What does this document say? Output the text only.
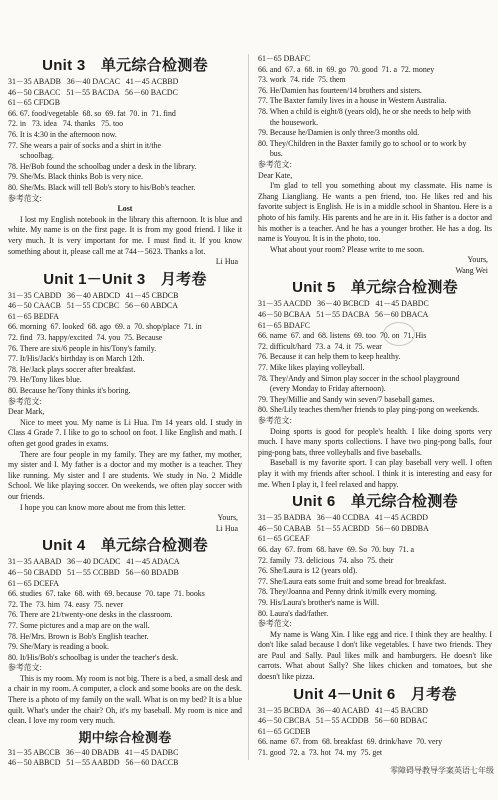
Unit 3　单元综合检测卷
31－35 ABADB   36－40 DACAC   41－45 ACBBD
46－50 CBACC   51－55 BACDA   56－60 BACDC
61－65 CFDGB
66. 67. food/vegetable  68. so  69. fat  70. in  71. find
72. in   73. idea   74. thanks   75. too
76. It is 4:30 in the afternoon now.
77. She wears a pair of socks and a shirt in it/the
schoolbag.
78. He/Bob found the schoolbag under a desk in the library.
79. She/Ms. Black thinks Bob is very nice.
80. She/Ms. Black will tell Bob's story to his/Bob's teacher.
参考范文:
Lost
I lost my English notebook in the library this afternoon. It is blue and white. My name is on the first page. It is from my good friend. I like it very much. It is very important for me. I must find it. If you know something about it, please call me at 744－5623. Thanks a lot.
Li Hua
Unit 1－Unit 3　月考卷
31－35 CABDD   36－40 ABDCD   41－45 CBDCB
46－50 CAACB   51－55 CDCBC   56－60 ABDCA
61－65 BEDFA
66. morning  67. looked  68. ago  69. a  70. shop/place  71. in
72. find  73. happy/excited  74. you  75. Because
76. There are six/6 people in his/Tony's family.
77. It/His/Jack's birthday is on March 12th.
78. He/Jack plays soccer after breakfast.
79. He/Tony likes blue.
80. Because he/Tony thinks it's boring.
参考范文:
Dear Mark,
Nice to meet you. My name is Li Hua. I'm 14 years old. I study in Class 4 Grade 7. I like to go to school on foot. I like English and math. I often get good grades in exams.
There are four people in my family. They are my father, my mother, my sister and I. My father is a doctor and my mother is a teacher. They like running. My sister and I are students. We study in No. 2 Middle School. We like playing soccer. On weekends, we often play soccer with our friends.
I hope you can know more about me from this letter.
Yours,
Li Hua
Unit 4　单元综合检测卷
31－35 AABAD   36－40 DCADC   41－45 ADACA
46－50 CBADD   51－55 CCBBD   56－60 BDADB
61－65 DCEFA
66. studies  67. take  68. with  69. because  70. tape  71. books
72. The  73. him  74. easy  75. never
76. There are 21/twenty-one desks in the classroom.
77. Some pictures and a map are on the wall.
78. He/Mrs. Brown is Bob's English teacher.
79. She/Mary is reading a book.
80. It/His/Bob's schoolbag is under the teacher's desk.
参考范文:
This is my room. My room is not big. There is a bed, a small desk and a chair in my room. A computer, a clock and some books are on the desk. There is a photo of my family on the wall. What is on my bed? It is a blue quilt. What's under the chair? Oh, it's my baseball. My room is nice and clean. I love my room very much.
期中综合检测卷
31－35 ABCCB   36－40 DBADB   41－45 DADBC
46－50 ABBCD   51－55 AABDD   56－60 DACCB
61－65 DBAFC
66. and  67. a  68. in  69. go  70. good  71. a  72. money
73. work  74. ride  75. them
76. He/Damien has fourteen/14 brothers and sisters.
77. The Baxter family lives in a house in Western Australia.
78. When a child is eight/8 (years old), he or she needs to help with
the housework.
79. Because he/Damien is only three/3 months old.
80. They/Children in the Baxter family go to school or to work by
bus.
参考范文:
Dear Kate,
I'm glad to tell you something about my classmate. His name is Zhang Liangliang. He wants a pen friend, too. He likes red and his favorite subject is English. He is in a middle school in Shantou. Here is a photo of his family. His parents and he are in it. His father is a doctor and his mother is a teacher. And he has a younger brother. He has a dog. Its name is Youyou. It is in the photo, too.
What about your room? Please write to me soon.
Yours,
Wang Wei
Unit 5　单元综合检测卷
31－35 AACDD   36－40 BCBCD   41－45 DABDC
46－50 BCBAA   51－55 DACBA   56－60 DBACA
61－65 BDAFC
66. name  67. and  68. listens  69. too  70. on  71. His
72. difficult/hard  73. a  74. it  75. wear
76. Because it can help them to keep healthy.
77. Mike likes playing volleyball.
78. They/Andy and Simon play soccer in the school playground
(every Monday to Friday afternoon).
79. They/Millie and Sandy win seven/7 baseball games.
80. She/Lily teaches them/her friends to play ping-pong on weekends.
参考范文:
Doing sports is good for people's health. I like doing sports very much. I have many sports collections. I have two ping-pong balls, four ping-pong bats, three volleyballs and five baseballs.
Baseball is my favorite sport. I can play baseball very well. I often play it with my friends after school. I think it is interesting and easy for me. When I play it, I feel relaxed and happy.
Unit 6　单元综合检测卷
31－35 BADBA   36－40 CCDBA   41－45 ACBDD
46－50 CABAB   51－55 ACBDD   56－60 DBDBA
61－65 GCEAF
66. day  67. from  68. have  69. So  70. buy  71. a
72. family  73. delicious  74. also  75. their
76. She/Laura is 12 (years old).
77. She/Laura eats some fruit and some bread for breakfast.
78. They/Joanna and Penny drink it/milk every morning.
79. His/Laura's brother's name is Will.
80. Laura's dad/father.
参考范文:
My name is Wang Xin. I like egg and rice. I think they are healthy. I don't like salad because I don't like vegetables. I have two friends. They are Paul and Sally. Paul likes milk and hamburgers. He doesn't like carrots. What about Sally? She likes chicken and tomatoes, but she doesn't like pizza.
Unit 4－Unit 6　月考卷
31－35 BCBDA   36－40 ACABD   41－45 BACBD
46－50 CBCBA   51－55 ACDDB   56－60 BDBAC
61－65 GCDEB
66. name  67. from  68. breakfast  69. drink/have  70. very
71. good  72. a  73. hot  74. my  75. get
零障碍导教导学案英语七年级
